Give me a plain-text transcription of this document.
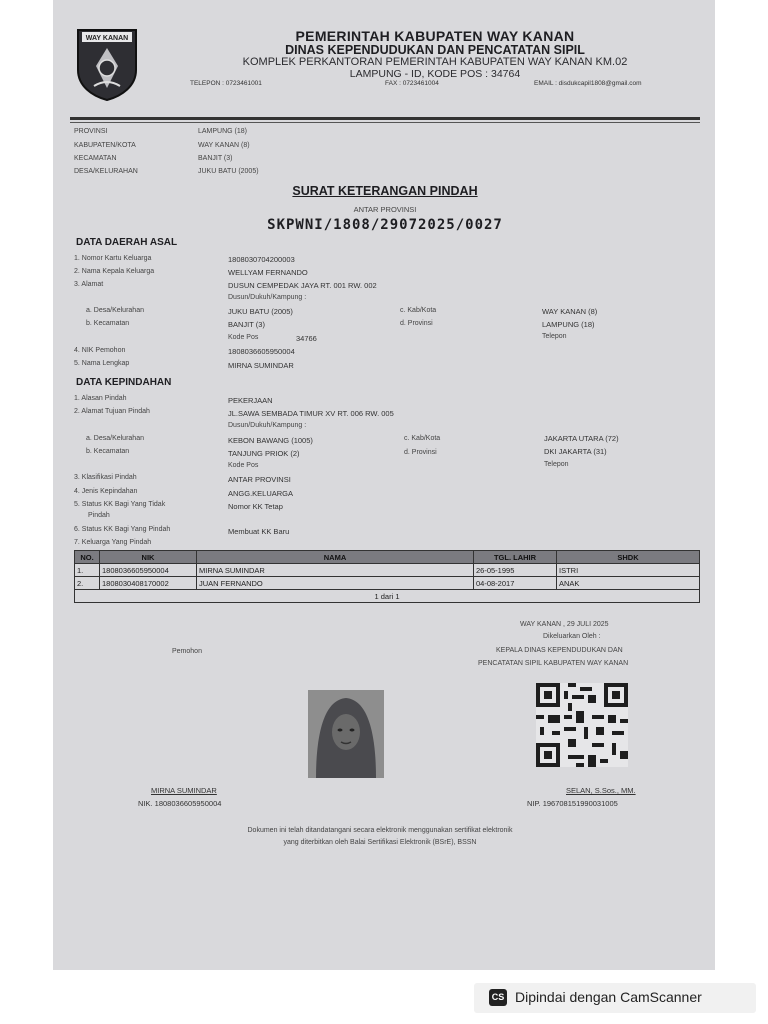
WAY KANAN	PEMERINTAH KABUPATEN WAY KANAN
DINAS KEPENDUDUKAN DAN PENCATATAN SIPIL
KOMPLEK PERKANTORAN PEMERINTAH KABUPATEN WAY KANAN KM.02
LAMPUNG - ID, KODE POS : 34764
TELEPON : 0723461001	FAX : 0723461004	EMAIL : disdukcapil1808@gmail.com
PROVINSI	LAMPUNG (18)
KABUPATEN/KOTA	WAY KANAN (8)
KECAMATAN	BANJIT (3)
DESA/KELURAHAN	JUKU BATU (2005)
SURAT KETERANGAN PINDAH
ANTAR PROVINSI
SKPWNI/1808/29072025/0027
DATA DAERAH ASAL
1. Nomor Kartu Keluarga	1808030704200003
2. Nama Kepala Keluarga	WELLYAM FERNANDO
3. Alamat	DUSUN CEMPEDAK JAYA RT. 001 RW. 002
Dusun/Dukuh/Kampung :
a. Desa/Kelurahan	JUKU BATU (2005)	c. Kab/Kota	WAY KANAN (8)
b. Kecamatan	BANJIT (3)	d. Provinsi	LAMPUNG (18)
Kode Pos	34766	Telepon
4. NIK Pemohon	1808036605950004
5. Nama Lengkap	MIRNA SUMINDAR
DATA KEPINDAHAN
1. Alasan Pindah	PEKERJAAN
2. Alamat Tujuan Pindah	JL.SAWA SEMBADA TIMUR XV RT. 006 RW. 005
Dusun/Dukuh/Kampung :
a. Desa/Kelurahan	KEBON BAWANG (1005)	c. Kab/Kota	JAKARTA UTARA (72)
b. Kecamatan	TANJUNG PRIOK (2)	d. Provinsi	DKI JAKARTA (31)
Kode Pos	Telepon
3. Klasifikasi Pindah	ANTAR PROVINSI
4. Jenis Kepindahan	ANGG.KELUARGA
5. Status KK Bagi Yang Tidak
Pindah
Nomor KK Tetap
6. Status KK Bagi Yang Pindah	Membuat KK Baru
7. Keluarga Yang Pindah
NO.	NIK	NAMA	TGL. LAHIR	SHDK
1.	1808036605950004	MIRNA SUMINDAR	26-05-1995	ISTRI
2.	1808030408170002	JUAN FERNANDO	04-08-2017	ANAK
1 dari 1				
WAY KANAN , 29 JULI 2025
Dikeluarkan Oleh :
KEPALA DINAS KEPENDUDUKAN DAN
PENCATATAN SIPIL KABUPATEN WAY KANAN
Pemohon
MIRNA SUMINDAR
NIK. 1808036605950004
SELAN, S.Sos., MM.
NIP. 196708151990031005
Dokumen ini telah ditandatangani secara elektronik menggunakan sertifikat elektronik
yang diterbitkan oleh Balai Sertifikasi Elektronik (BSrE), BSSN
CS Dipindai dengan CamScanner
